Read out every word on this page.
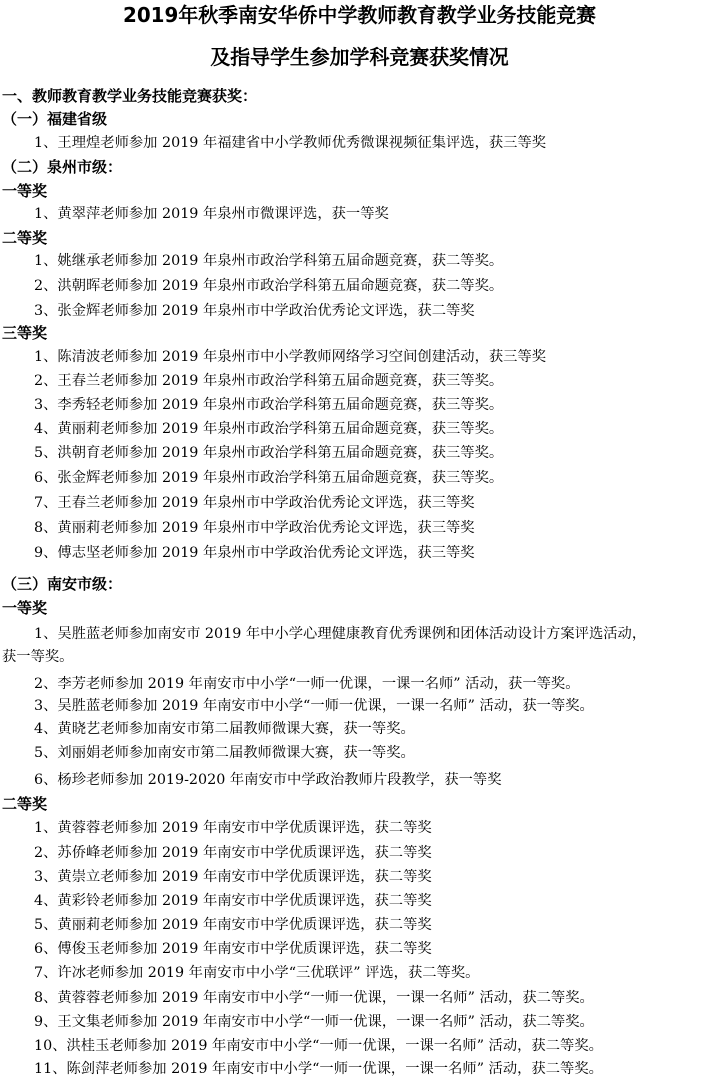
2019年秋季南安华侨中学教师教育教学业务技能竞赛
及指导学生参加学科竞赛获奖情况
一、教师教育教学业务技能竞赛获奖：
（一）福建省级
1、王理煌老师参加 2019 年福建省中小学教师优秀微课视频征集评选，获三等奖
（二）泉州市级：
一等奖
1、黄翠萍老师参加 2019 年泉州市微课评选，获一等奖
二等奖
1、姚继承老师参加 2019 年泉州市政治学科第五届命题竞赛，获二等奖。
2、洪朝晖老师参加 2019 年泉州市政治学科第五届命题竞赛，获二等奖。
3、张金辉老师参加 2019 年泉州市中学政治优秀论文评选，获二等奖
三等奖
1、陈清波老师参加 2019 年泉州市中小学教师网络学习空间创建活动，获三等奖
2、王春兰老师参加 2019 年泉州市政治学科第五届命题竞赛，获三等奖。
3、李秀轻老师参加 2019 年泉州市政治学科第五届命题竞赛，获三等奖。
4、黄丽莉老师参加 2019 年泉州市政治学科第五届命题竞赛，获三等奖。
5、洪朝育老师参加 2019 年泉州市政治学科第五届命题竞赛，获三等奖。
6、张金辉老师参加 2019 年泉州市政治学科第五届命题竞赛，获三等奖。
7、王春兰老师参加 2019 年泉州市中学政治优秀论文评选，获三等奖
8、黄丽莉老师参加 2019 年泉州市中学政治优秀论文评选，获三等奖
9、傅志坚老师参加 2019 年泉州市中学政治优秀论文评选，获三等奖
（三）南安市级：
一等奖
1、吴胜蓝老师参加南安市 2019 年中小学心理健康教育优秀课例和团体活动设计方案评选活动，
获一等奖。
2、李芳老师参加 2019 年南安市中小学“一师一优课，一课一名师” 活动，获一等奖。
3、吴胜蓝老师参加 2019 年南安市中小学“一师一优课，一课一名师” 活动，获一等奖。
4、黄晓艺老师参加南安市第二届教师微课大赛，获一等奖。
5、刘丽娟老师参加南安市第二届教师微课大赛，获一等奖。
6、杨珍老师参加 2019-2020 年南安市中学政治教师片段教学，获一等奖
二等奖
1、黄蓉蓉老师参加 2019 年南安市中学优质课评选，获二等奖
2、苏侨峰老师参加 2019 年南安市中学优质课评选，获二等奖
3、黄崇立老师参加 2019 年南安市中学优质课评选，获二等奖
4、黄彩铃老师参加 2019 年南安市中学优质课评选，获二等奖
5、黄丽莉老师参加 2019 年南安市中学优质课评选，获二等奖
6、傅俊玉老师参加 2019 年南安市中学优质课评选，获二等奖
7、许冰老师参加 2019 年南安市中小学“三优联评” 评选，获二等奖。
8、黄蓉蓉老师参加 2019 年南安市中小学“一师一优课，一课一名师” 活动，获二等奖。
9、王文集老师参加 2019 年南安市中小学“一师一优课，一课一名师” 活动，获二等奖。
10、洪桂玉老师参加 2019 年南安市中小学“一师一优课，一课一名师” 活动，获二等奖。
11、陈剑萍老师参加 2019 年南安市中小学“一师一优课，一课一名师” 活动，获二等奖。
